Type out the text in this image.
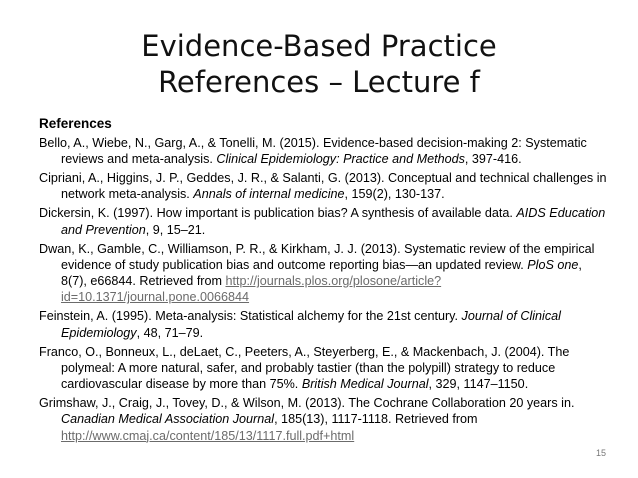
Evidence-Based Practice
References – Lecture f
References
Bello, A., Wiebe, N., Garg, A., & Tonelli, M. (2015). Evidence-based decision-making 2: Systematic reviews and meta-analysis. Clinical Epidemiology: Practice and Methods, 397-416.
Cipriani, A., Higgins, J. P., Geddes, J. R., & Salanti, G. (2013). Conceptual and technical challenges in network meta-analysis. Annals of internal medicine, 159(2), 130-137.
Dickersin, K. (1997). How important is publication bias? A synthesis of available data. AIDS Education and Prevention, 9, 15–21.
Dwan, K., Gamble, C., Williamson, P. R., & Kirkham, J. J. (2013). Systematic review of the empirical evidence of study publication bias and outcome reporting bias—an updated review. PloS one, 8(7), e66844. Retrieved from http://journals.plos.org/plosone/article?id=10.1371/journal.pone.0066844
Feinstein, A. (1995). Meta-analysis: Statistical alchemy for the 21st century. Journal of Clinical Epidemiology, 48, 71–79.
Franco, O., Bonneux, L., deLaet, C., Peeters, A., Steyerberg, E., & Mackenbach, J. (2004). The polymeal: A more natural, safer, and probably tastier (than the polypill) strategy to reduce cardiovascular disease by more than 75%. British Medical Journal, 329, 1147–1150.
Grimshaw, J., Craig, J., Tovey, D., & Wilson, M. (2013). The Cochrane Collaboration 20 years in. Canadian Medical Association Journal, 185(13), 1117-1118. Retrieved from http://www.cmaj.ca/content/185/13/1117.full.pdf+html
15
